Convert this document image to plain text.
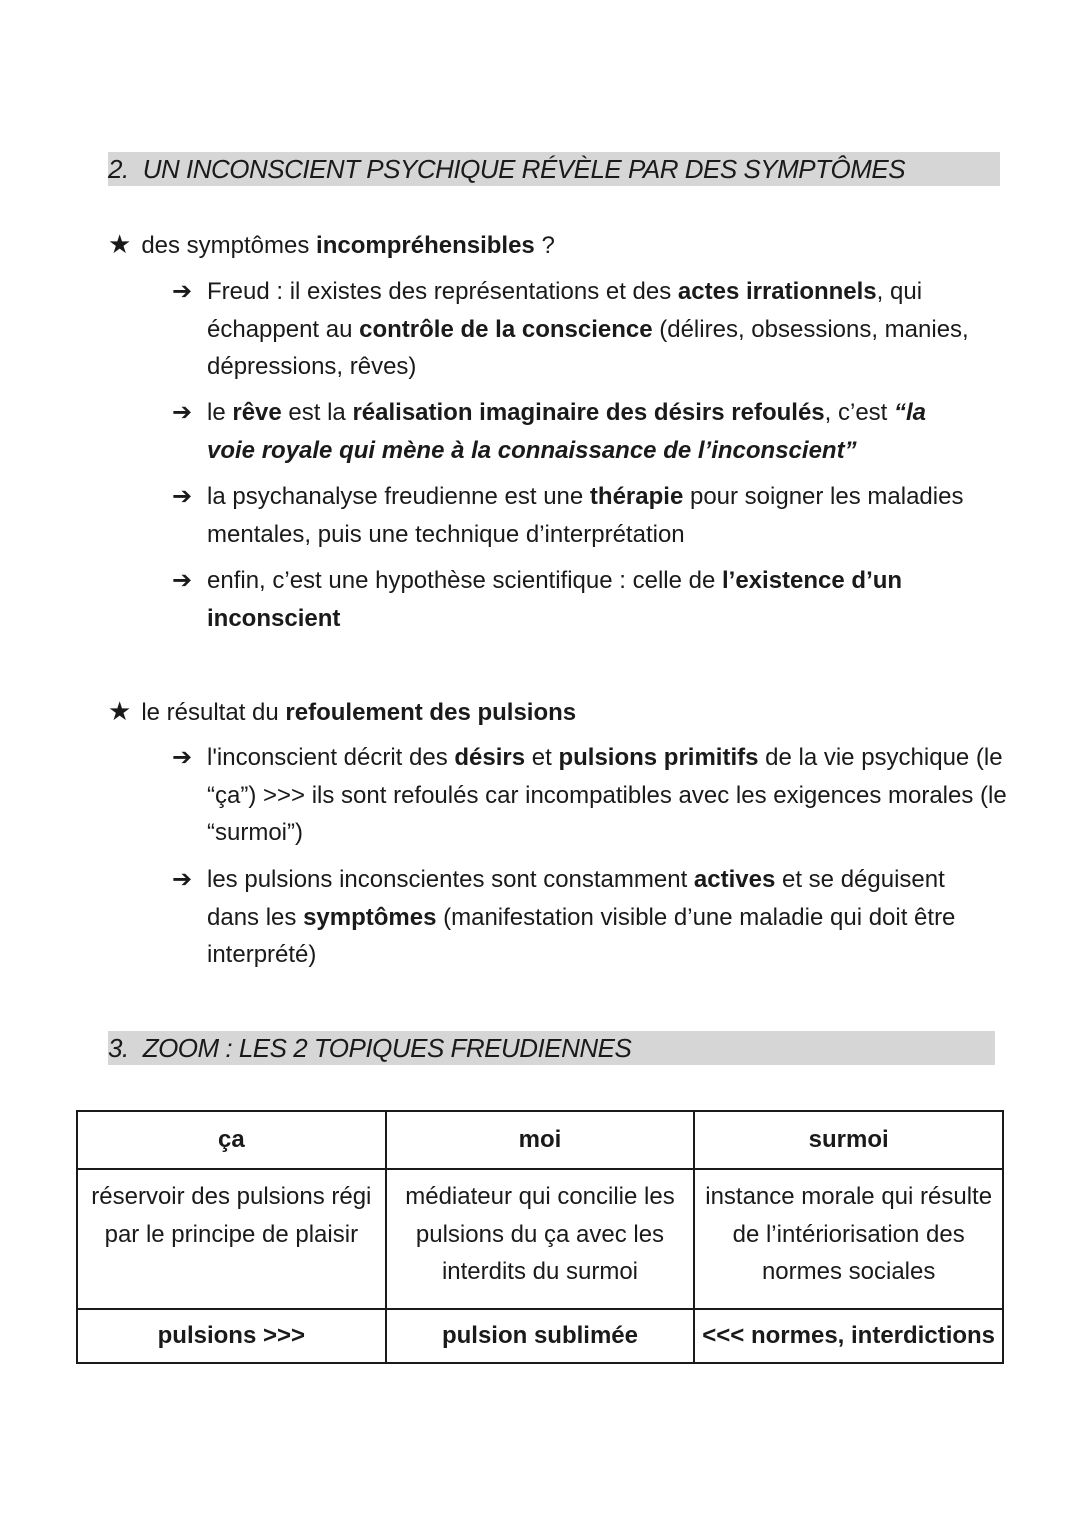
2. UN INCONSCIENT PSYCHIQUE RÉVÈLE PAR DES SYMPTÔMES
★ des symptômes incompréhensibles ?
➔ Freud : il existes des représentations et des actes irrationnels, qui échappent au contrôle de la conscience (délires, obsessions, manies, dépressions, rêves)
➔ le rêve est la réalisation imaginaire des désirs refoulés, c’est “la voie royale qui mène à la connaissance de l’inconscient”
➔ la psychanalyse freudienne est une thérapie pour soigner les maladies mentales, puis une technique d’interprétation
➔ enfin, c’est une hypothèse scientifique : celle de l’existence d’un inconscient
★ le résultat du refoulement des pulsions
➔ l'inconscient décrit des désirs et pulsions primitifs de la vie psychique (le “ça”) >>> ils sont refoulés car incompatibles avec les exigences morales (le “surmoi”)
➔ les pulsions inconscientes sont constamment actives et se déguisent dans les symptômes (manifestation visible d’une maladie qui doit être interprété)
3. ZOOM : LES 2 TOPIQUES FREUDIENNES
ça	moi	surmoi
réservoir des pulsions régi par le principe de plaisir	médiateur qui concilie les pulsions du ça avec les interdits du surmoi	instance morale qui résulte de l’intériorisation des normes sociales
pulsions >>>	pulsion sublimée	<<< normes, interdictions
